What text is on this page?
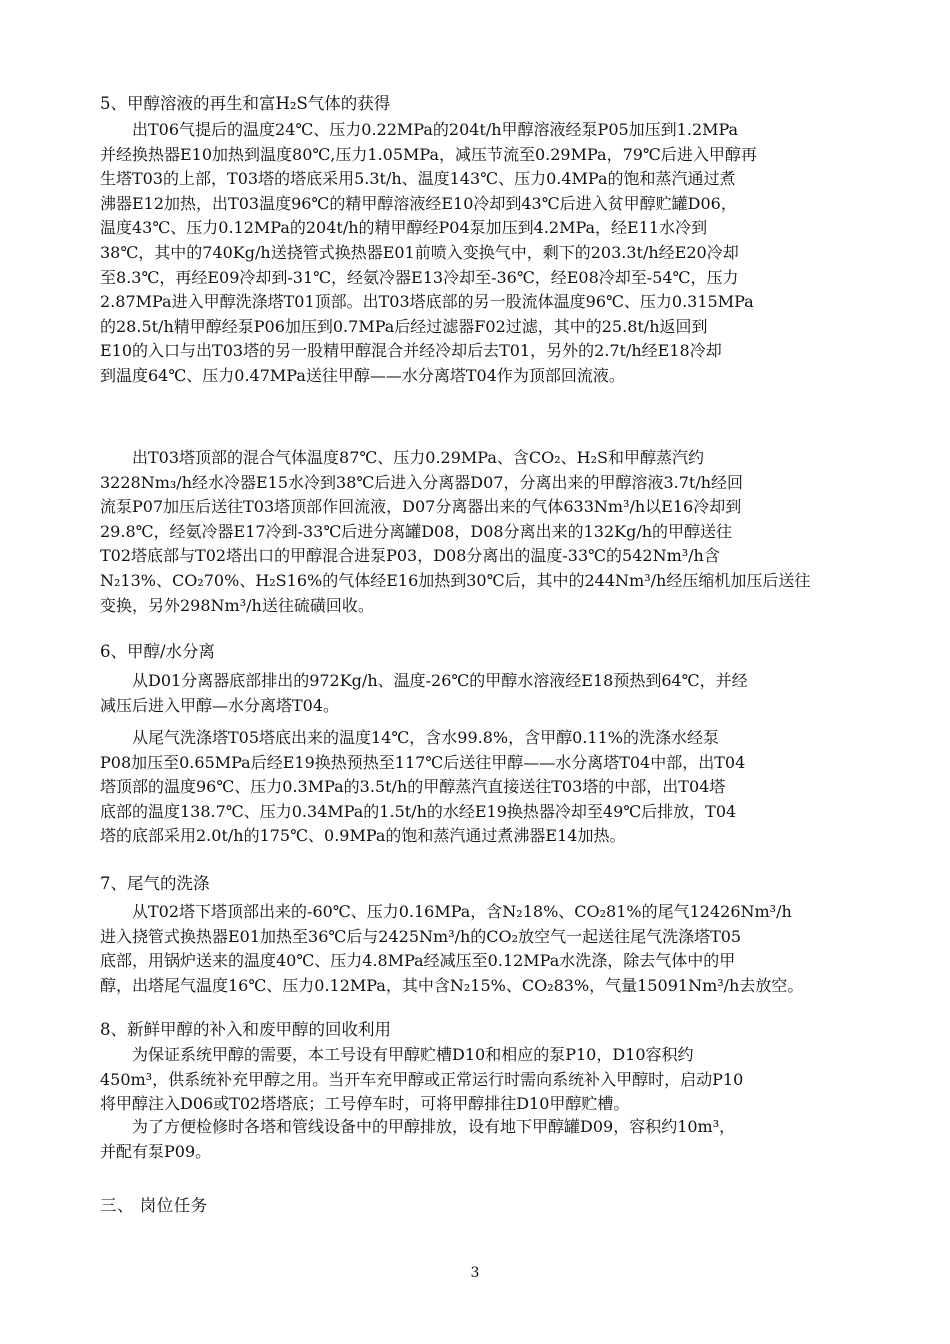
5、甲醇溶液的再生和富H₂S气体的获得
出T06气提后的温度24℃、压力0.22MPa的204t/h甲醇溶液经泵P05加压到1.2MPa
并经换热器E10加热到温度80℃,压力1.05MPa，减压节流至0.29MPa，79℃后进入甲醇再
生塔T03的上部，T03塔的塔底采用5.3t/h、温度143℃、压力0.4MPa的饱和蒸汽通过煮
沸器E12加热，出T03温度96℃的精甲醇溶液经E10冷却到43℃后进入贫甲醇贮罐D06，
温度43℃、压力0.12MPa的204t/h的精甲醇经P04泵加压到4.2MPa，经E11水冷到
38℃，其中的740Kg/h送挠管式换热器E01前喷入变换气中，剩下的203.3t/h经E20冷却
至8.3℃，再经E09冷却到-31℃，经氨冷器E13冷却至-36℃，经E08冷却至-54℃，压力
2.87MPa进入甲醇洗涤塔T01顶部。出T03塔底部的另一股流体温度96℃、压力0.315MPa
的28.5t/h精甲醇经泵P06加压到0.7MPa后经过滤器F02过滤，其中的25.8t/h返回到
E10的入口与出T03塔的另一股精甲醇混合并经冷却后去T01，另外的2.7t/h经E18冷却
到温度64℃、压力0.47MPa送往甲醇——水分离塔T04作为顶部回流液。
出T03塔顶部的混合气体温度87℃、压力0.29MPa、含CO₂、H₂S和甲醇蒸汽约
3228Nm₃/h经水冷器E15水冷到38℃后进入分离器D07，分离出来的甲醇溶液3.7t/h经回
流泵P07加压后送往T03塔顶部作回流液，D07分离器出来的气体633Nm³/h以E16冷却到
29.8℃，经氨冷器E17冷到-33℃后进分离罐D08，D08分离出来的132Kg/h的甲醇送往
T02塔底部与T02塔出口的甲醇混合进泵P03，D08分离出的温度-33℃的542Nm³/h含
N₂13%、CO₂70%、H₂S16%的气体经E16加热到30℃后，其中的244Nm³/h经压缩机加压后送往
变换，另外298Nm³/h送往硫磺回收。
6、甲醇/水分离
从D01分离器底部排出的972Kg/h、温度-26℃的甲醇水溶液经E18预热到64℃，并经
减压后进入甲醇—水分离塔T04。
从尾气洗涤塔T05塔底出来的温度14℃，含水99.8%，含甲醇0.11%的洗涤水经泵
P08加压至0.65MPa后经E19换热预热至117℃后送往甲醇——水分离塔T04中部，出T04
塔顶部的温度96℃、压力0.3MPa的3.5t/h的甲醇蒸汽直接送往T03塔的中部，出T04塔
底部的温度138.7℃、压力0.34MPa的1.5t/h的水经E19换热器冷却至49℃后排放，T04
塔的底部采用2.0t/h的175℃、0.9MPa的饱和蒸汽通过煮沸器E14加热。
7、尾气的洗涤
从T02塔下塔顶部出来的-60℃、压力0.16MPa，含N₂18%、CO₂81%的尾气12426Nm³/h
进入挠管式换热器E01加热至36℃后与2425Nm³/h的CO₂放空气一起送往尾气洗涤塔T05
底部，用锅炉送来的温度40℃、压力4.8MPa经减压至0.12MPa水洗涤，除去气体中的甲
醇，出塔尾气温度16℃、压力0.12MPa，其中含N₂15%、CO₂83%，气量15091Nm³/h去放空。
8、新鲜甲醇的补入和废甲醇的回收利用
为保证系统甲醇的需要，本工号设有甲醇贮槽D10和相应的泵P10，D10容积约
450m³，供系统补充甲醇之用。当开车充甲醇或正常运行时需向系统补入甲醇时，启动P10
将甲醇注入D06或T02塔塔底；工号停车时，可将甲醇排往D10甲醇贮槽。
为了方便检修时各塔和管线设备中的甲醇排放，设有地下甲醇罐D09，容积约10m³，
并配有泵P09。
三、 岗位任务
3
